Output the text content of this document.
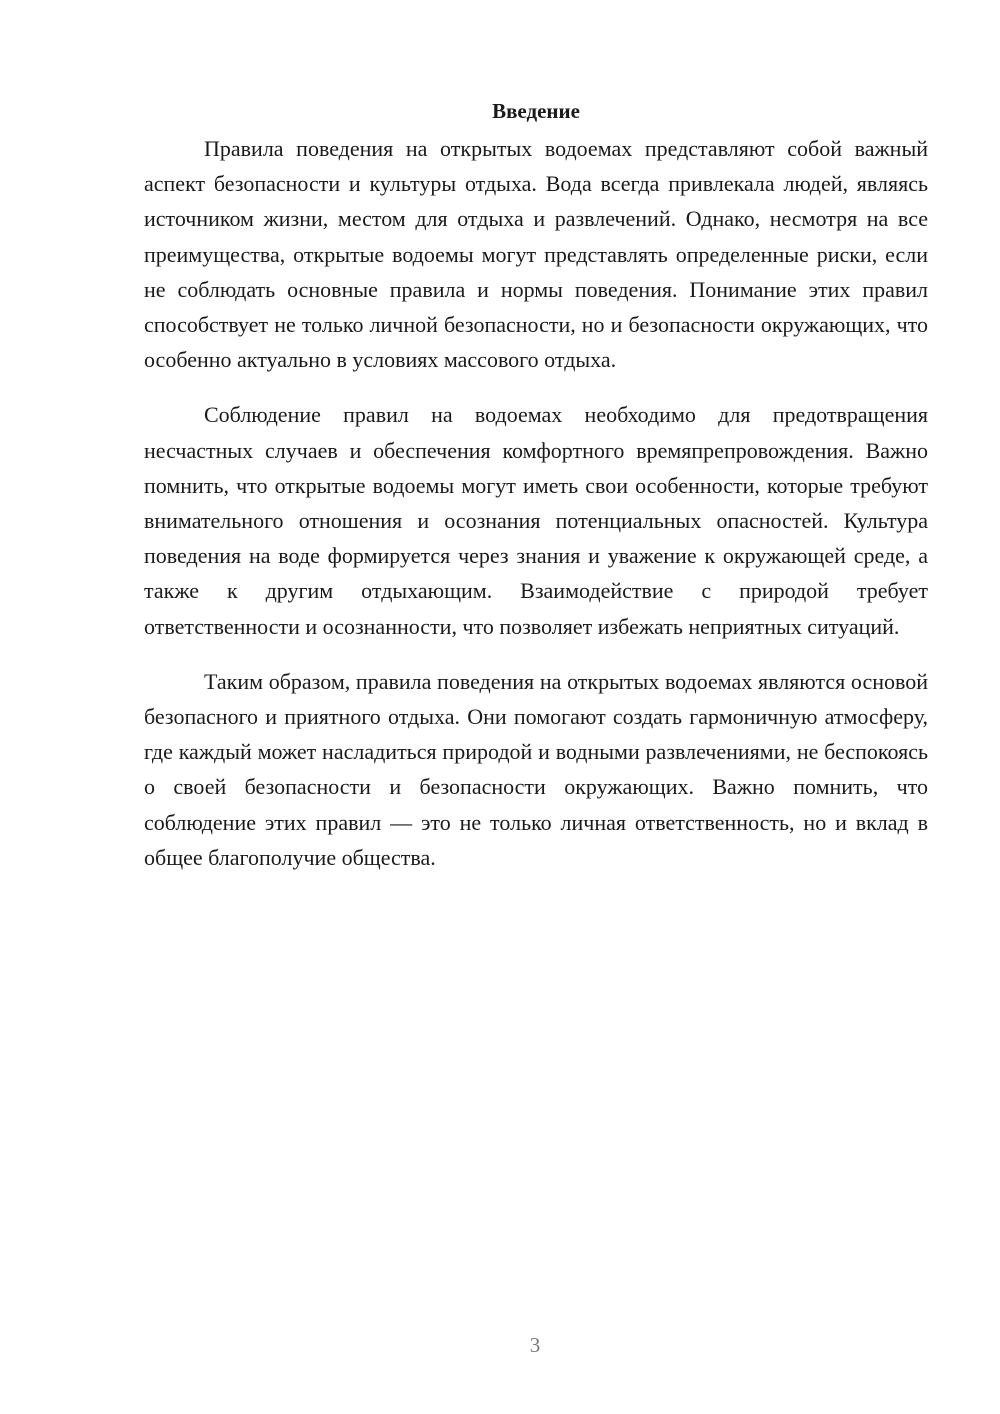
Введение

Правила поведения на открытых водоемах представляют собой важный аспект безопасности и культуры отдыха. Вода всегда привлекала людей, являясь источником жизни, местом для отдыха и развлечений. Однако, несмотря на все преимущества, открытые водоемы могут представлять определенные риски, если не соблюдать основные правила и нормы поведения. Понимание этих правил способствует не только личной безопасности, но и безопасности окружающих, что особенно актуально в условиях массового отдыха.

Соблюдение правил на водоемах необходимо для предотвращения несчастных случаев и обеспечения комфортного времяпрепровождения. Важно помнить, что открытые водоемы могут иметь свои особенности, которые требуют внимательного отношения и осознания потенциальных опасностей. Культура поведения на воде формируется через знания и уважение к окружающей среде, а также к другим отдыхающим. Взаимодействие с природой требует ответственности и осознанности, что позволяет избежать неприятных ситуаций.

Таким образом, правила поведения на открытых водоемах являются основой безопасного и приятного отдыха. Они помогают создать гармоничную атмосферу, где каждый может насладиться природой и водными развлечениями, не беспокоясь о своей безопасности и безопасности окружающих. Важно помнить, что соблюдение этих правил — это не только личная ответственность, но и вклад в общее благополучие общества.

3
